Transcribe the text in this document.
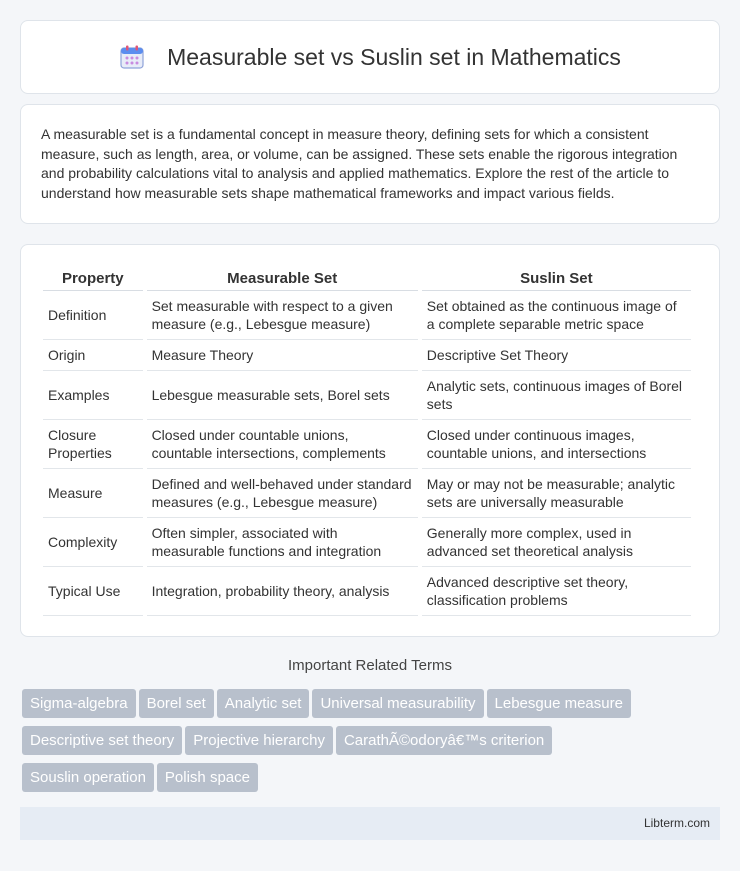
Measurable set vs Suslin set in Mathematics

A measurable set is a fundamental concept in measure theory, defining sets for which a consistent measure, such as length, area, or volume, can be assigned. These sets enable the rigorous integration and probability calculations vital to analysis and applied mathematics. Explore the rest of the article to understand how measurable sets shape mathematical frameworks and impact various fields.

Property	Measurable Set	Suslin Set
Definition	Set measurable with respect to a given measure (e.g., Lebesgue measure)	Set obtained as the continuous image of a complete separable metric space
Origin	Measure Theory	Descriptive Set Theory
Examples	Lebesgue measurable sets, Borel sets	Analytic sets, continuous images of Borel sets
Closure Properties	Closed under countable unions, countable intersections, complements	Closed under continuous images, countable unions, and intersections
Measure	Defined and well-behaved under standard measures (e.g., Lebesgue measure)	May or may not be measurable; analytic sets are universally measurable
Complexity	Often simpler, associated with measurable functions and integration	Generally more complex, used in advanced set theoretical analysis
Typical Use	Integration, probability theory, analysis	Advanced descriptive set theory, classification problems
Important Related Terms
Sigma-algebra Borel set Analytic set Universal measurability Lebesgue measure
Descriptive set theory Projective hierarchy CarathÃ©odoryâ€™s criterion
Souslin operation Polish space
Libterm.com
